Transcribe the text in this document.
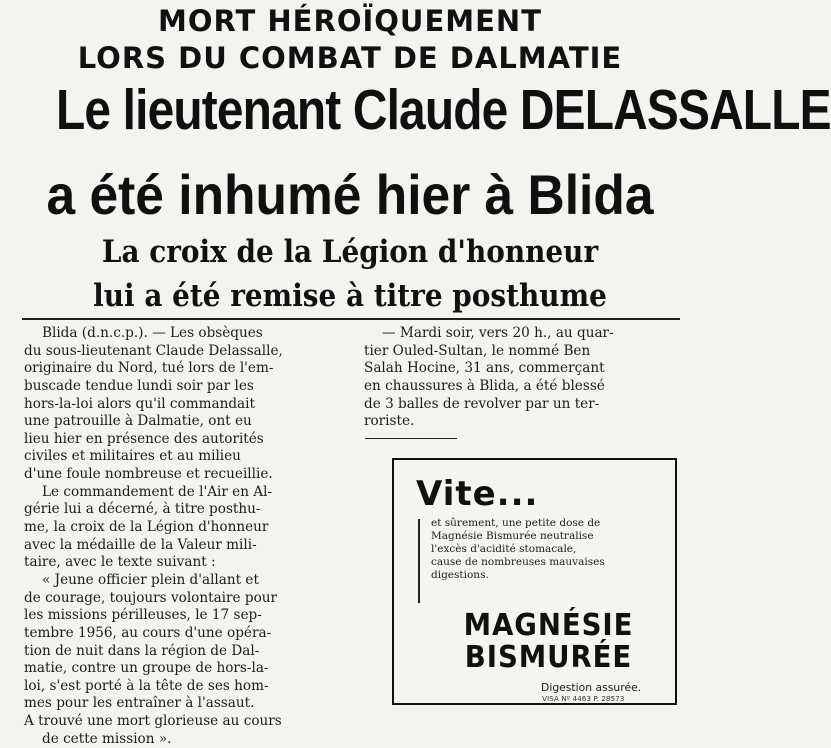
MORT HÉROÏQUEMENT
LORS DU COMBAT DE DALMATIE
Le lieutenant Claude DELASSALLE
a été inhumé hier à Blida
La croix de la Légion d'honneur
lui a été remise à titre posthume
Blida (d.n.c.p.). — Les obsèques
du sous-lieutenant Claude Delassalle,
originaire du Nord, tué lors de l'em-
buscade tendue lundi soir par les
hors-la-loi alors qu'il commandait
une patrouille à Dalmatie, ont eu
lieu hier en présence des autorités
civiles et militaires et au milieu
d'une foule nombreuse et recueillie.
Le commandement de l'Air en Al-
gérie lui a décerné, à titre posthu-
me, la croix de la Légion d'honneur
avec la médaille de la Valeur mili-
taire, avec le texte suivant :
« Jeune officier plein d'allant et
de courage, toujours volontaire pour
les missions périlleuses, le 17 sep-
tembre 1956, au cours d'une opéra-
tion de nuit dans la région de Dal-
matie, contre un groupe de hors-la-
loi, s'est porté à la tête de ses hom-
mes pour les entraîner à l'assaut.
A trouvé une mort glorieuse au cours
de cette mission ».
— Mardi soir, vers 20 h., au quar-
tier Ouled-Sultan, le nommé Ben
Salah Hocine, 31 ans, commerçant
en chaussures à Blida, a été blessé
de 3 balles de revolver par un ter-
roriste.
Vite...
et sûrement, une petite dose de
Magnésie Bismurée neutralise
l'excès d'acidité stomacale,
cause de nombreuses mauvaises
digestions.
MAGNÉSIE
BISMURÉE
Digestion assurée.
VISA Nº 4463 P. 28573
